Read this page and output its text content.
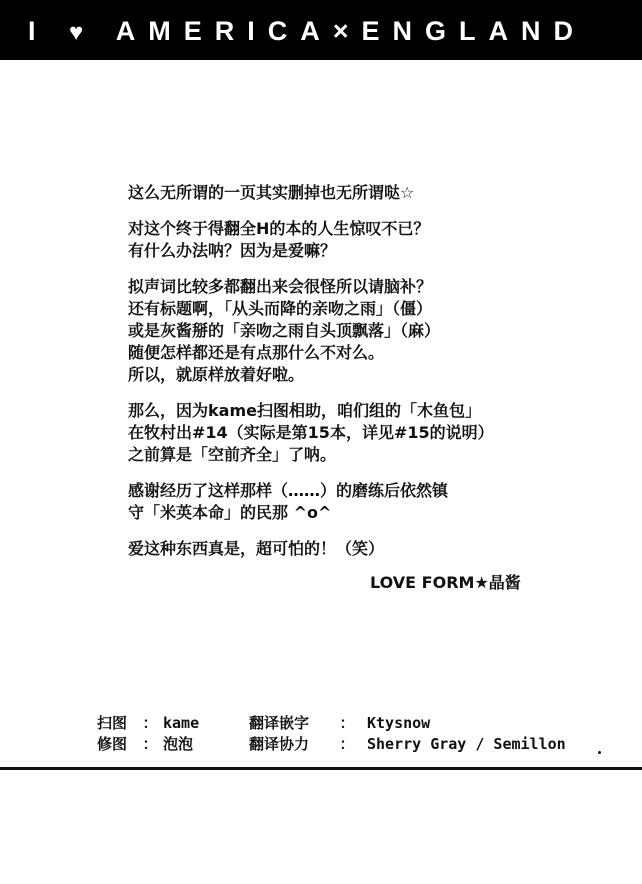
I ♥ AMERICA×ENGLAND
这么无所谓的一页其实删掉也无所谓哒☆
对这个终于得翻全H的本的人生惊叹不已？
有什么办法呐？因为是爱嘛？
拟声词比较多都翻出来会很怪所以请脑补？
还有标题啊，「从头而降的亲吻之雨」（僵）
或是灰酱掰的「亲吻之雨自头顶飘落」（麻）
随便怎样都还是有点那什么不对么。
所以，就原样放着好啦。
那么，因为kame扫图相助，咱们组的「木鱼包」
在牧村出#14（实际是第15本，详见#15的说明）
之前算是「空前齐全」了呐。
感谢经历了这样那样（……）的磨练后依然镇
守「米英本命」的民那 ^o^
爱这种东西真是，超可怕的！（笑）
LOVE FORM★晶酱
扫图	： kame	翻译嵌字	： Ktysnow
修图	： 泡泡	翻译协力	： Sherry Gray / Semillon
